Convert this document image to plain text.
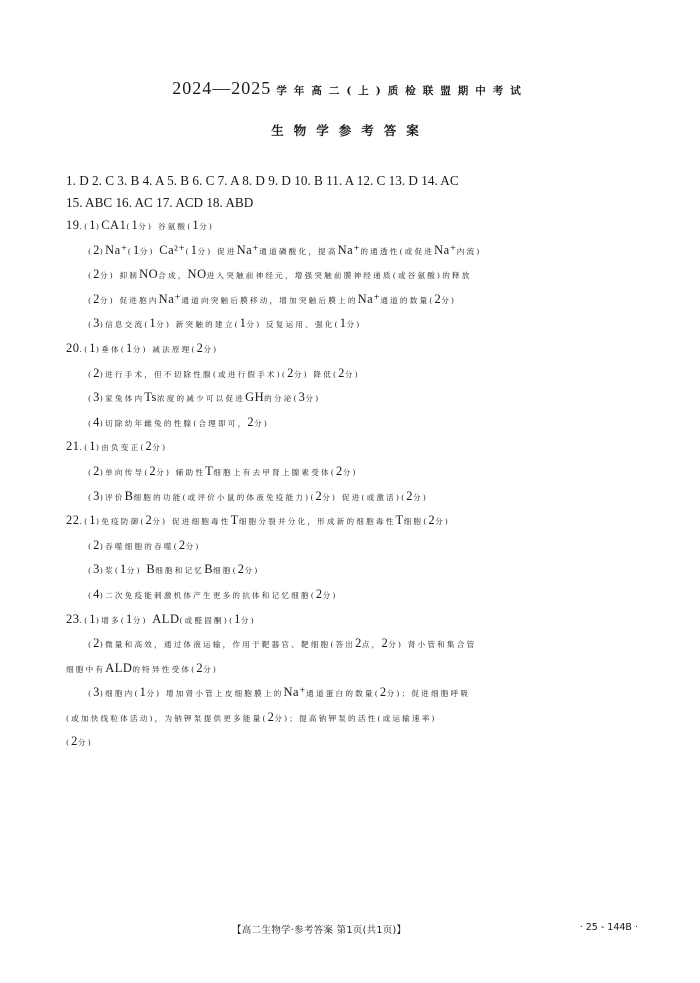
2024—2025 学年高二(上)质检联盟期中考试
生物学参考答案
1. D 2. C 3. B 4. A 5. B 6. C 7. A 8. D 9. D 10. B 11. A 12. C 13. D 14. AC
15. ABC 16. AC 17. ACD 18. ABD
19.(1)CA1(1分) 谷氨酸(1分)
(2)Na⁺(1分) Ca²⁺(1分) 促进Na⁺通道磷酸化，提高Na⁺的通透性(或促进Na⁺内流)
(2分) 抑制NO合成，NO进入突触前神经元，增强突触前膜神经递质(或谷氨酸)的释放
(2分) 促进胞内Na⁺通道向突触后膜移动，增加突触后膜上的Na⁺通道的数量(2分)
(3)信息交流(1分) 新突触的建立(1分) 反复运用、强化(1分)
20.(1)垂体(1分) 减法原理(2分)
(2)进行手术，但不切除性腺(或进行假手术)(2分) 降低(2分)
(3)家兔体内Ts浓度的减少可以促进GH的分泌(3分)
(4)切除幼年雌兔的性腺(合理即可，2分)
21.(1)由负变正(2分)
(2)单向传导(2分) 辅助性T细胞上有去甲肾上腺素受体(2分)
(3)评价B细胞的功能(或评价小鼠的体液免疫能力)(2分) 促进(或激活)(2分)
22.(1)免疫防御(2分) 促进细胞毒性T细胞分裂并分化，形成新的细胞毒性T细胞(2分)
(2)吞噬细胞的吞噬(2分)
(3)浆(1分) B细胞和记忆B细胞(2分)
(4)二次免疫能刺激机体产生更多的抗体和记忆细胞(2分)
23.(1)增多(1分) ALD(或醛固酮)(1分)
(2)微量和高效，通过体液运输，作用于靶器官、靶细胞(答出2点，2分) 肾小管和集合管
细胞中有ALD的特异性受体(2分)
(3)细胞内(1分) 增加肾小管上皮细胞膜上的Na⁺通道蛋白的数量(2分)；促进细胞呼吸
(或加快线粒体活动)，为钠钾泵提供更多能量(2分)；提高钠钾泵的活性(或运输速率)
(2分)
【高二生物学·参考答案 第1页(共1页)】	· 25 - 144B ·
